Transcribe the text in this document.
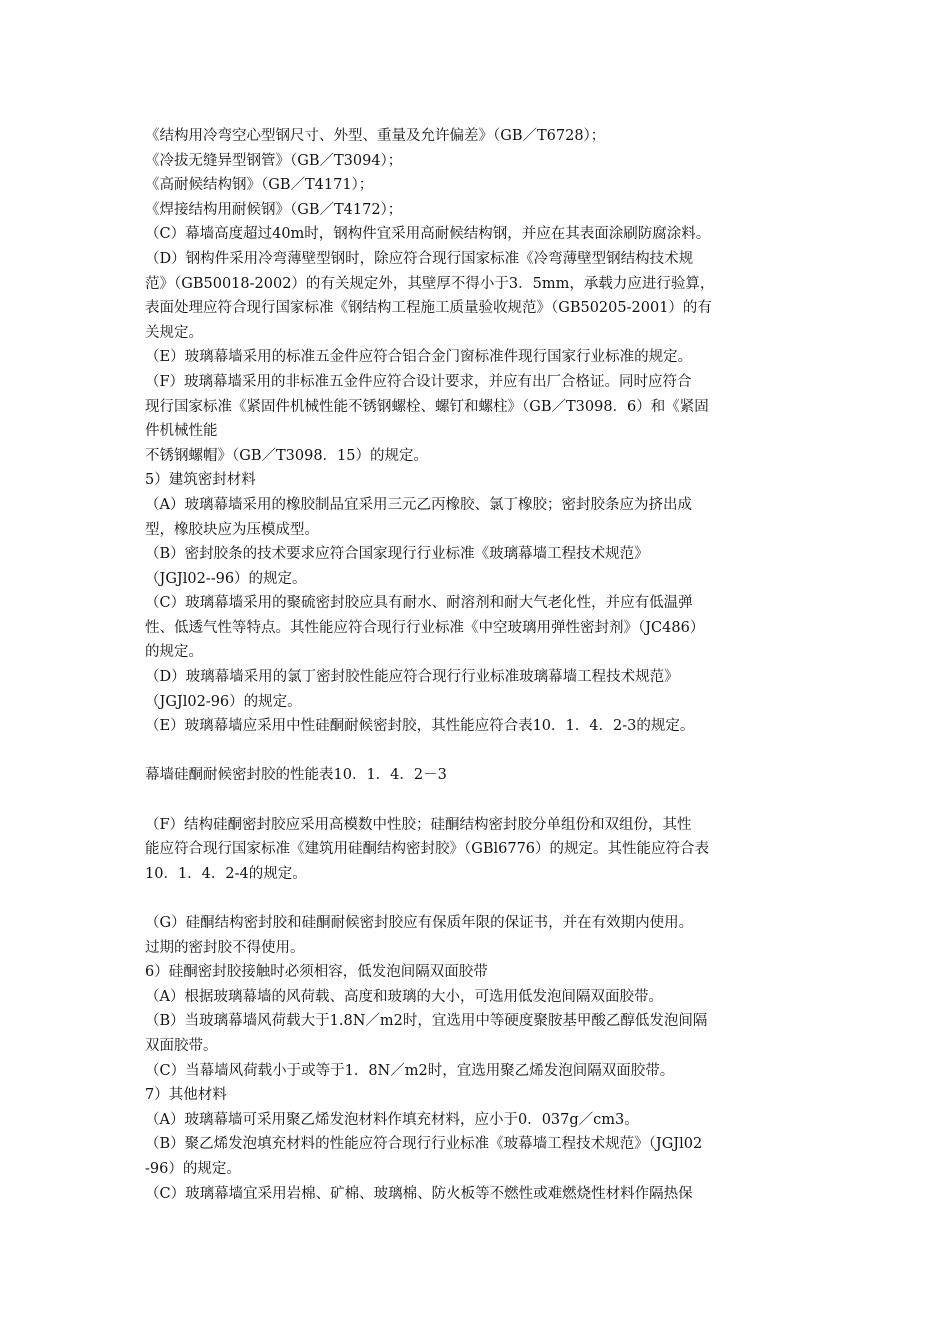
《结构用冷弯空心型钢尺寸、外型、重量及允许偏差》（GB／T6728）；
《冷拔无缝异型钢管》（GB／T3094）；
《高耐候结构钢》（GB／T4171）；
《焊接结构用耐候钢》（GB／T4172）；
（C）幕墙高度超过40m时，钢构件宜采用高耐候结构钢，并应在其表面涂刷防腐涂料。
（D）钢构件采用冷弯薄壁型钢时，除应符合现行国家标准《冷弯薄壁型钢结构技术规
范》（GB50018-2002）的有关规定外，其壁厚不得小于3．5mm，承载力应进行验算，
表面处理应符合现行国家标准《钢结构工程施工质量验收规范》（GB50205-2001）的有
关规定。
（E）玻璃幕墙采用的标准五金件应符合铝合金门窗标准件现行国家行业标准的规定。
（F）玻璃幕墙采用的非标准五金件应符合设计要求，并应有出厂合格证。同时应符合
现行国家标准《紧固件机械性能不锈钢螺栓、螺钉和螺柱》（GB／T3098．6）和《紧固
件机械性能
不锈钢螺帽》（GB／T3098．15）的规定。
5）建筑密封材料
（A）玻璃幕墙采用的橡胶制品宜采用三元乙丙橡胶、氯丁橡胶；密封胶条应为挤出成
型，橡胶块应为压模成型。
（B）密封胶条的技术要求应符合国家现行行业标准《玻璃幕墙工程技术规范》
（JGJl02--96）的规定。
（C）玻璃幕墙采用的聚硫密封胶应具有耐水、耐溶剂和耐大气老化性，并应有低温弹
性、低透气性等特点。其性能应符合现行行业标准《中空玻璃用弹性密封剂》（JC486）
的规定。
（D）玻璃幕墙采用的氯丁密封胶性能应符合现行行业标准玻璃幕墙工程技术规范》
（JGJl02-96）的规定。
（E）玻璃幕墙应采用中性硅酮耐候密封胶，其性能应符合表10．1．4．2-3的规定。
幕墙硅酮耐候密封胶的性能表10．1．4．2－3
（F）结构硅酮密封胶应采用高模数中性胶；硅酮结构密封胶分单组份和双组份，其性
能应符合现行国家标准《建筑用硅酮结构密封胶》（GBl6776）的规定。其性能应符合表
10．1．4．2-4的规定。
（G）硅酮结构密封胶和硅酮耐候密封胶应有保质年限的保证书，并在有效期内使用。
过期的密封胶不得使用。
6）硅酮密封胶接触时必须相容，低发泡间隔双面胶带
（A）根据玻璃幕墙的风荷载、高度和玻璃的大小，可选用低发泡间隔双面胶带。
（B）当玻璃幕墙风荷载大于1.8N／m2时，宜选用中等硬度聚胺基甲酸乙醇低发泡间隔
双面胶带。
（C）当幕墙风荷载小于或等于1．8N／m2时，宜选用聚乙烯发泡间隔双面胶带。
7）其他材料
（A）玻璃幕墙可采用聚乙烯发泡材料作填充材料，应小于0．037g／cm3。
（B）聚乙烯发泡填充材料的性能应符合现行行业标准《玻幕墙工程技术规范》（JGJl02
-96）的规定。
（C）玻璃幕墙宜采用岩棉、矿棉、玻璃棉、防火板等不燃性或难燃烧性材料作隔热保
